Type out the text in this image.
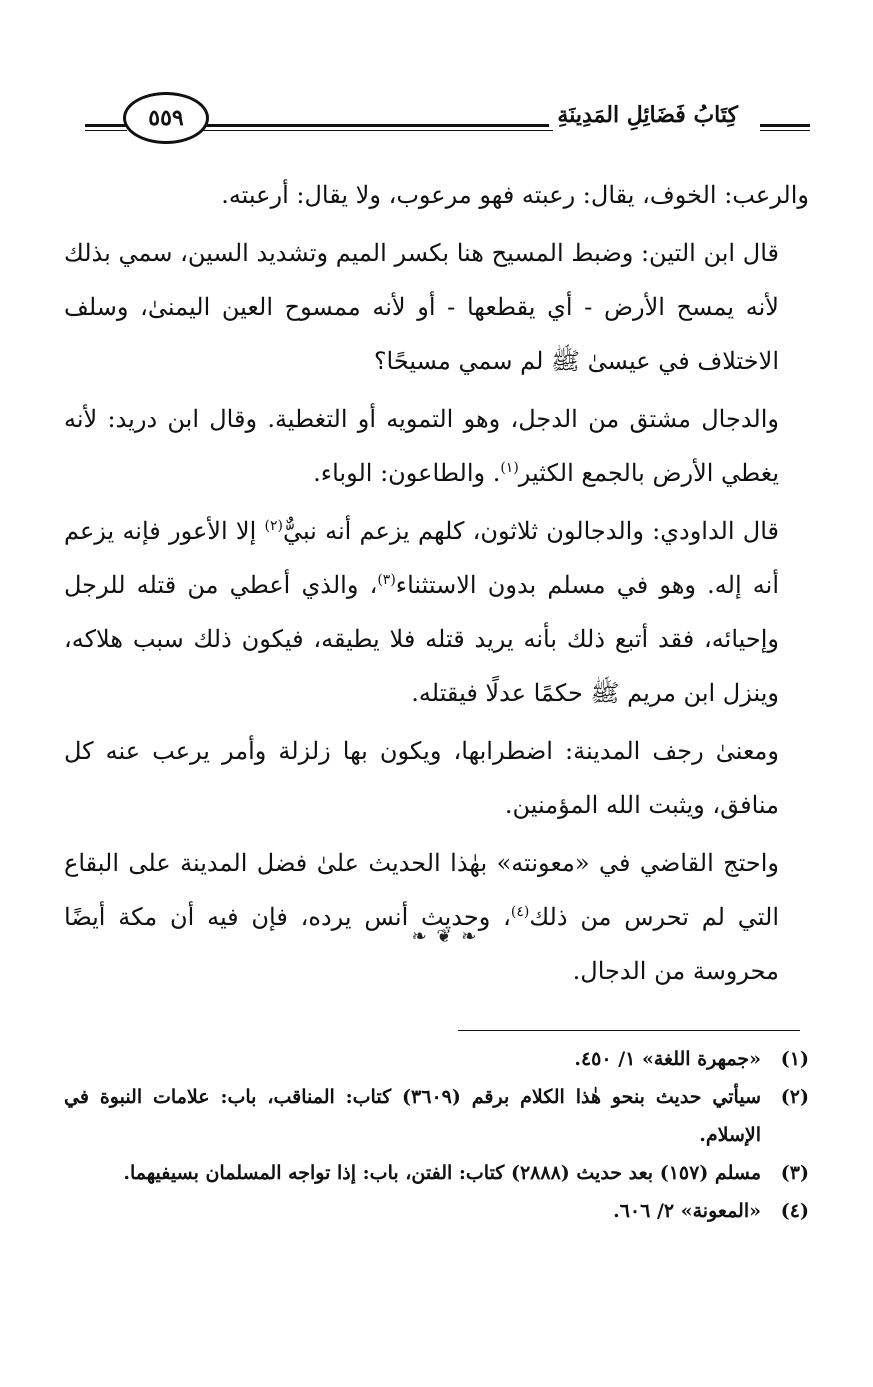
كِتَابُ فَضَائِلِ المَدِينَةِ
٥٥٩

والرعب: الخوف، يقال: رعبته فهو مرعوب، ولا يقال: أرعبته.

قال ابن التين: وضبط المسيح هنا بكسر الميم وتشديد السين، سمي بذلك لأنه يمسح الأرض - أي يقطعها - أو لأنه ممسوح العين اليمنىٰ، وسلف الاختلاف في عيسىٰ ﷺ لم سمي مسيحًا؟

والدجال مشتق من الدجل، وهو التمويه أو التغطية. وقال ابن دريد: لأنه يغطي الأرض بالجمع الكثير$^{(١)}$. والطاعون: الوباء.

قال الداودي: والدجالون ثلاثون، كلهم يزعم أنه نبيٌّ$^{(٢)}$ إلا الأعور فإنه يزعم أنه إله. وهو في مسلم بدون الاستثناء$^{(٣)}$، والذي أعطي من قتله للرجل وإحيائه، فقد أتبع ذلك بأنه يريد قتله فلا يطيقه، فيكون ذلك سبب هلاكه، وينزل ابن مريم ﷺ حكمًا عدلًا فيقتله.

ومعنىٰ رجف المدينة: اضطرابها، ويكون بها زلزلة وأمر يرعب عنه كل منافق، ويثبت الله المؤمنين.

واحتج القاضي في «معونته» بهٰذا الحديث علىٰ فضل المدينة على البقاع التي لم تحرس من ذلك$^{(٤)}$، وحديث أنس يرده، فإن فيه أن مكة أيضًا محروسة من الدجال.

❧ ❦ ❧
(١)
«جمهرة اللغة» ١/ ٤٥٠.
(٢)
سيأتي حديث بنحو هٰذا الكلام برقم (٣٦٠٩) كتاب: المناقب، باب: علامات النبوة في الإسلام.
(٣)
مسلم (١٥٧) بعد حديث (٢٨٨٨) كتاب: الفتن، باب: إذا تواجه المسلمان بسيفيهما.
(٤)
«المعونة» ٢/ ٦٠٦.
